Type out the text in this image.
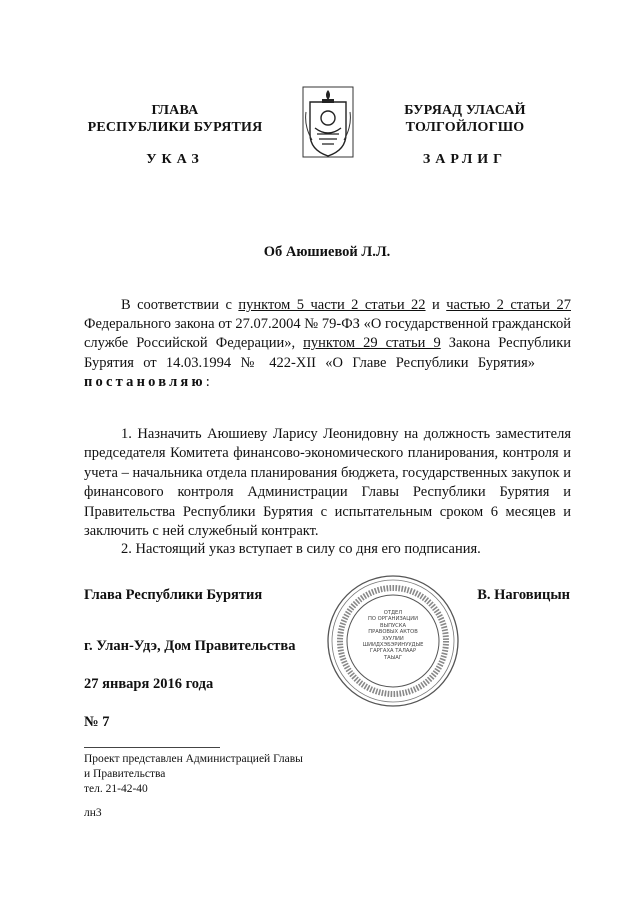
ГЛАВА
РЕСПУБЛИКИ БУРЯТИЯ
УКАЗ
БУРЯАД УЛАСАЙ
ТОЛГОЙЛОГШО
ЗАРЛИГ
Об Аюшиевой Л.Л.
В соответствии с пунктом 5 части 2 статьи 22 и частью 2 статьи 27 Федерального закона от 27.07.2004 № 79-ФЗ «О государственной гражданской службе Российской Федерации», пунктом 29 статьи 9 Закона Республики Бурятия от 14.03.1994 № 422-XII «О Главе Республики Бурятия»постановляю:
1. Назначить Аюшиеву Ларису Леонидовну на должность заместителя председателя Комитета финансово-экономического планирования, контроля и учета – начальника отдела планирования бюджета, государственных закупок и финансового контроля Администрации Главы Республики Бурятия и Правительства Республики Бурятия с испытательным сроком 6 месяцев и заключить с ней служебный контракт.
2. Настоящий указ вступает в силу со дня его подписания.
Глава Республики Бурятия	В. Наговицын
г. Улан-Удэ, Дом Правительства
27 января 2016 года
№ 7
ОТДЕЛ
ПО ОРГАНИЗАЦИИ
ВЫПУСКА
ПРАВОВЫХ АКТОВ
ХУУЛИИ
ШИИДХЭБЭРИНУУДЫЕ
ГАРГАХА ТАЛААР
ТАЫАГ
Проект представлен Администрацией Главы
и Правительства
тел. 21-42-40
лн3
